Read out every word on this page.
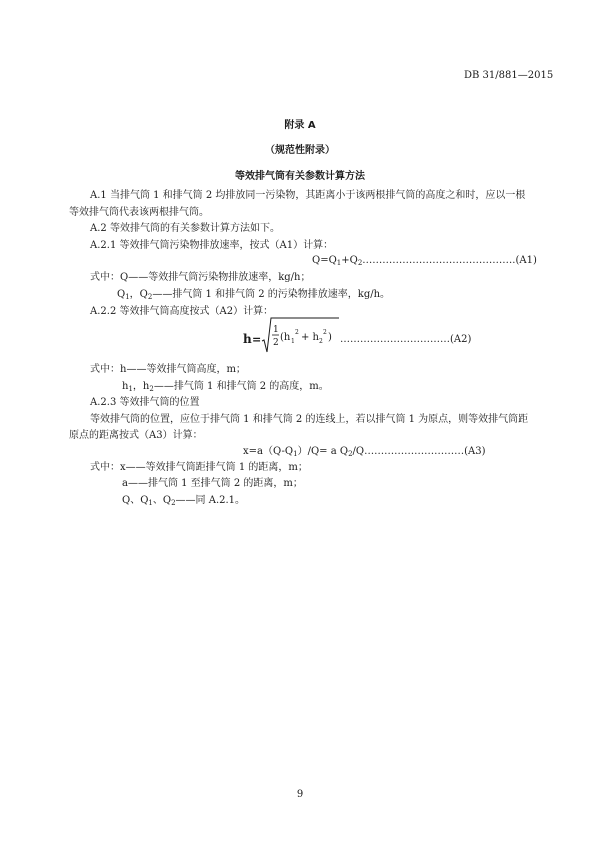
DB 31/881—2015
附录 A
（规范性附录）
等效排气筒有关参数计算方法
A.1 当排气筒 1 和排气筒 2 均排放同一污染物，其距离小于该两根排气筒的高度之和时，应以一根
等效排气筒代表该两根排气筒。
A.2 等效排气筒的有关参数计算方法如下。
A.2.1 等效排气筒污染物排放速率，按式（A1）计算：
$Q=Q_1+Q_2\dots\dots\dots\dots\dots\dots\dots\dots\dots\dots\dots\dots\dots\dots\dots.(A1)$
式中：Q——等效排气筒污染物排放速率，kg/h；
$Q_1$，$Q_2——$排气筒 1 和排气筒 2 的污染物排放速率，kg/h。
A.2.2 等效排气筒高度按式（A2）计算：
h =
1
2 (h 1
2 + h 2
2 ) ……………………………(A2)
式中：h——等效排气筒高度，m；
$h_1$，$h_2——$排气筒 1 和排气筒 2 的高度，m。
A.2.3 等效排气筒的位置
等效排气筒的位置，应位于排气筒 1 和排气筒 2 的连线上，若以排气筒 1 为原点，则等效排气筒距
原点的距离按式（A3）计算：
$x=a(Q-Q_1)/Q= a$ $Q_2/Q\dots\dots\dots\dots\dots\dots\dots\dots\dots\dots(A3)$
式中：x——等效排气筒距排气筒 1 的距离，m；
a——排气筒 1 至排气筒 2 的距离，m；
Q、$Q_1$、$Q_2——$同 A.2.1。
9
